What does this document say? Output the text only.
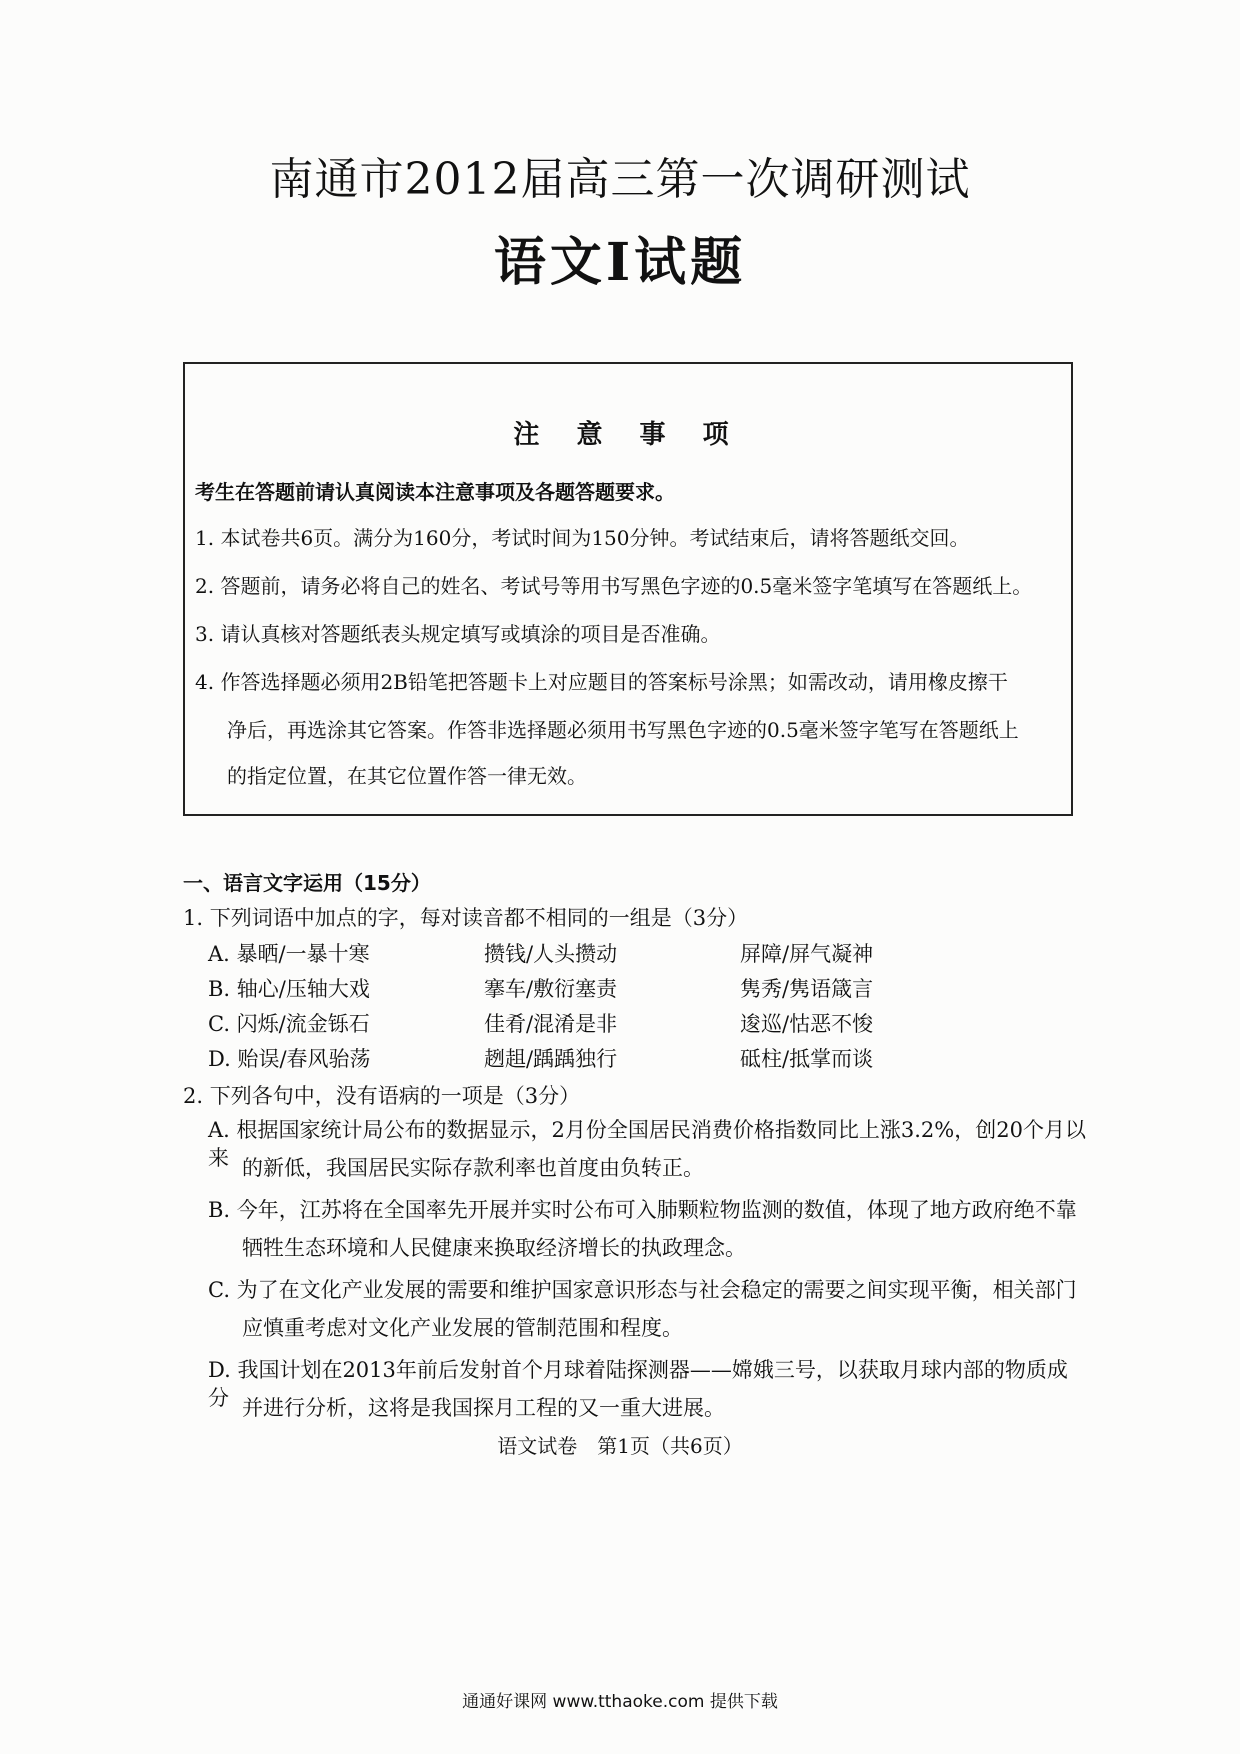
南通市2012届高三第一次调研测试
语文Ⅰ试题
注 意 事 项
考生在答题前请认真阅读本注意事项及各题答题要求。
1. 本试卷共6页。满分为160分，考试时间为150分钟。考试结束后，请将答题纸交回。
2. 答题前，请务必将自己的姓名、考试号等用书写黑色字迹的0.5毫米签字笔填写在答题纸上。
3. 请认真核对答题纸表头规定填写或填涂的项目是否准确。
4. 作答选择题必须用2B铅笔把答题卡上对应题目的答案标号涂黑；如需改动，请用橡皮擦干
净后，再选涂其它答案。作答非选择题必须用书写黑色字迹的0.5毫米签字笔写在答题纸上
的指定位置，在其它位置作答一律无效。
一、语言文字运用（15分）
1. 下列词语中加点的字，每对读音都不相同的一组是（3分）
A. 暴晒/一暴十寒	攒钱/人头攒动	屏障/屏气凝神
B. 轴心/压轴大戏	搴车/敷衍塞责	隽秀/隽语箴言
C. 闪烁/流金铄石	佳肴/混淆是非	逡巡/怙恶不悛
D. 贻误/春风骀荡	趔趄/踽踽独行	砥柱/抵掌而谈
2. 下列各句中，没有语病的一项是（3分）
A. 根据国家统计局公布的数据显示，2月份全国居民消费价格指数同比上涨3.2%，创20个月以来 的新低，我国居民实际存款利率也首度由负转正。
B. 今年，江苏将在全国率先开展并实时公布可入肺颗粒物监测的数值，体现了地方政府绝不靠
牺牲生态环境和人民健康来换取经济增长的执政理念。
C. 为了在文化产业发展的需要和维护国家意识形态与社会稳定的需要之间实现平衡，相关部门
应慎重考虑对文化产业发展的管制范围和程度。
D. 我国计划在2013年前后发射首个月球着陆探测器——嫦娥三号，以获取月球内部的物质成分 并进行分析，这将是我国探月工程的又一重大进展。
语文试卷　第1页（共6页）
通通好课网 www.tthaoke.com 提供下载
